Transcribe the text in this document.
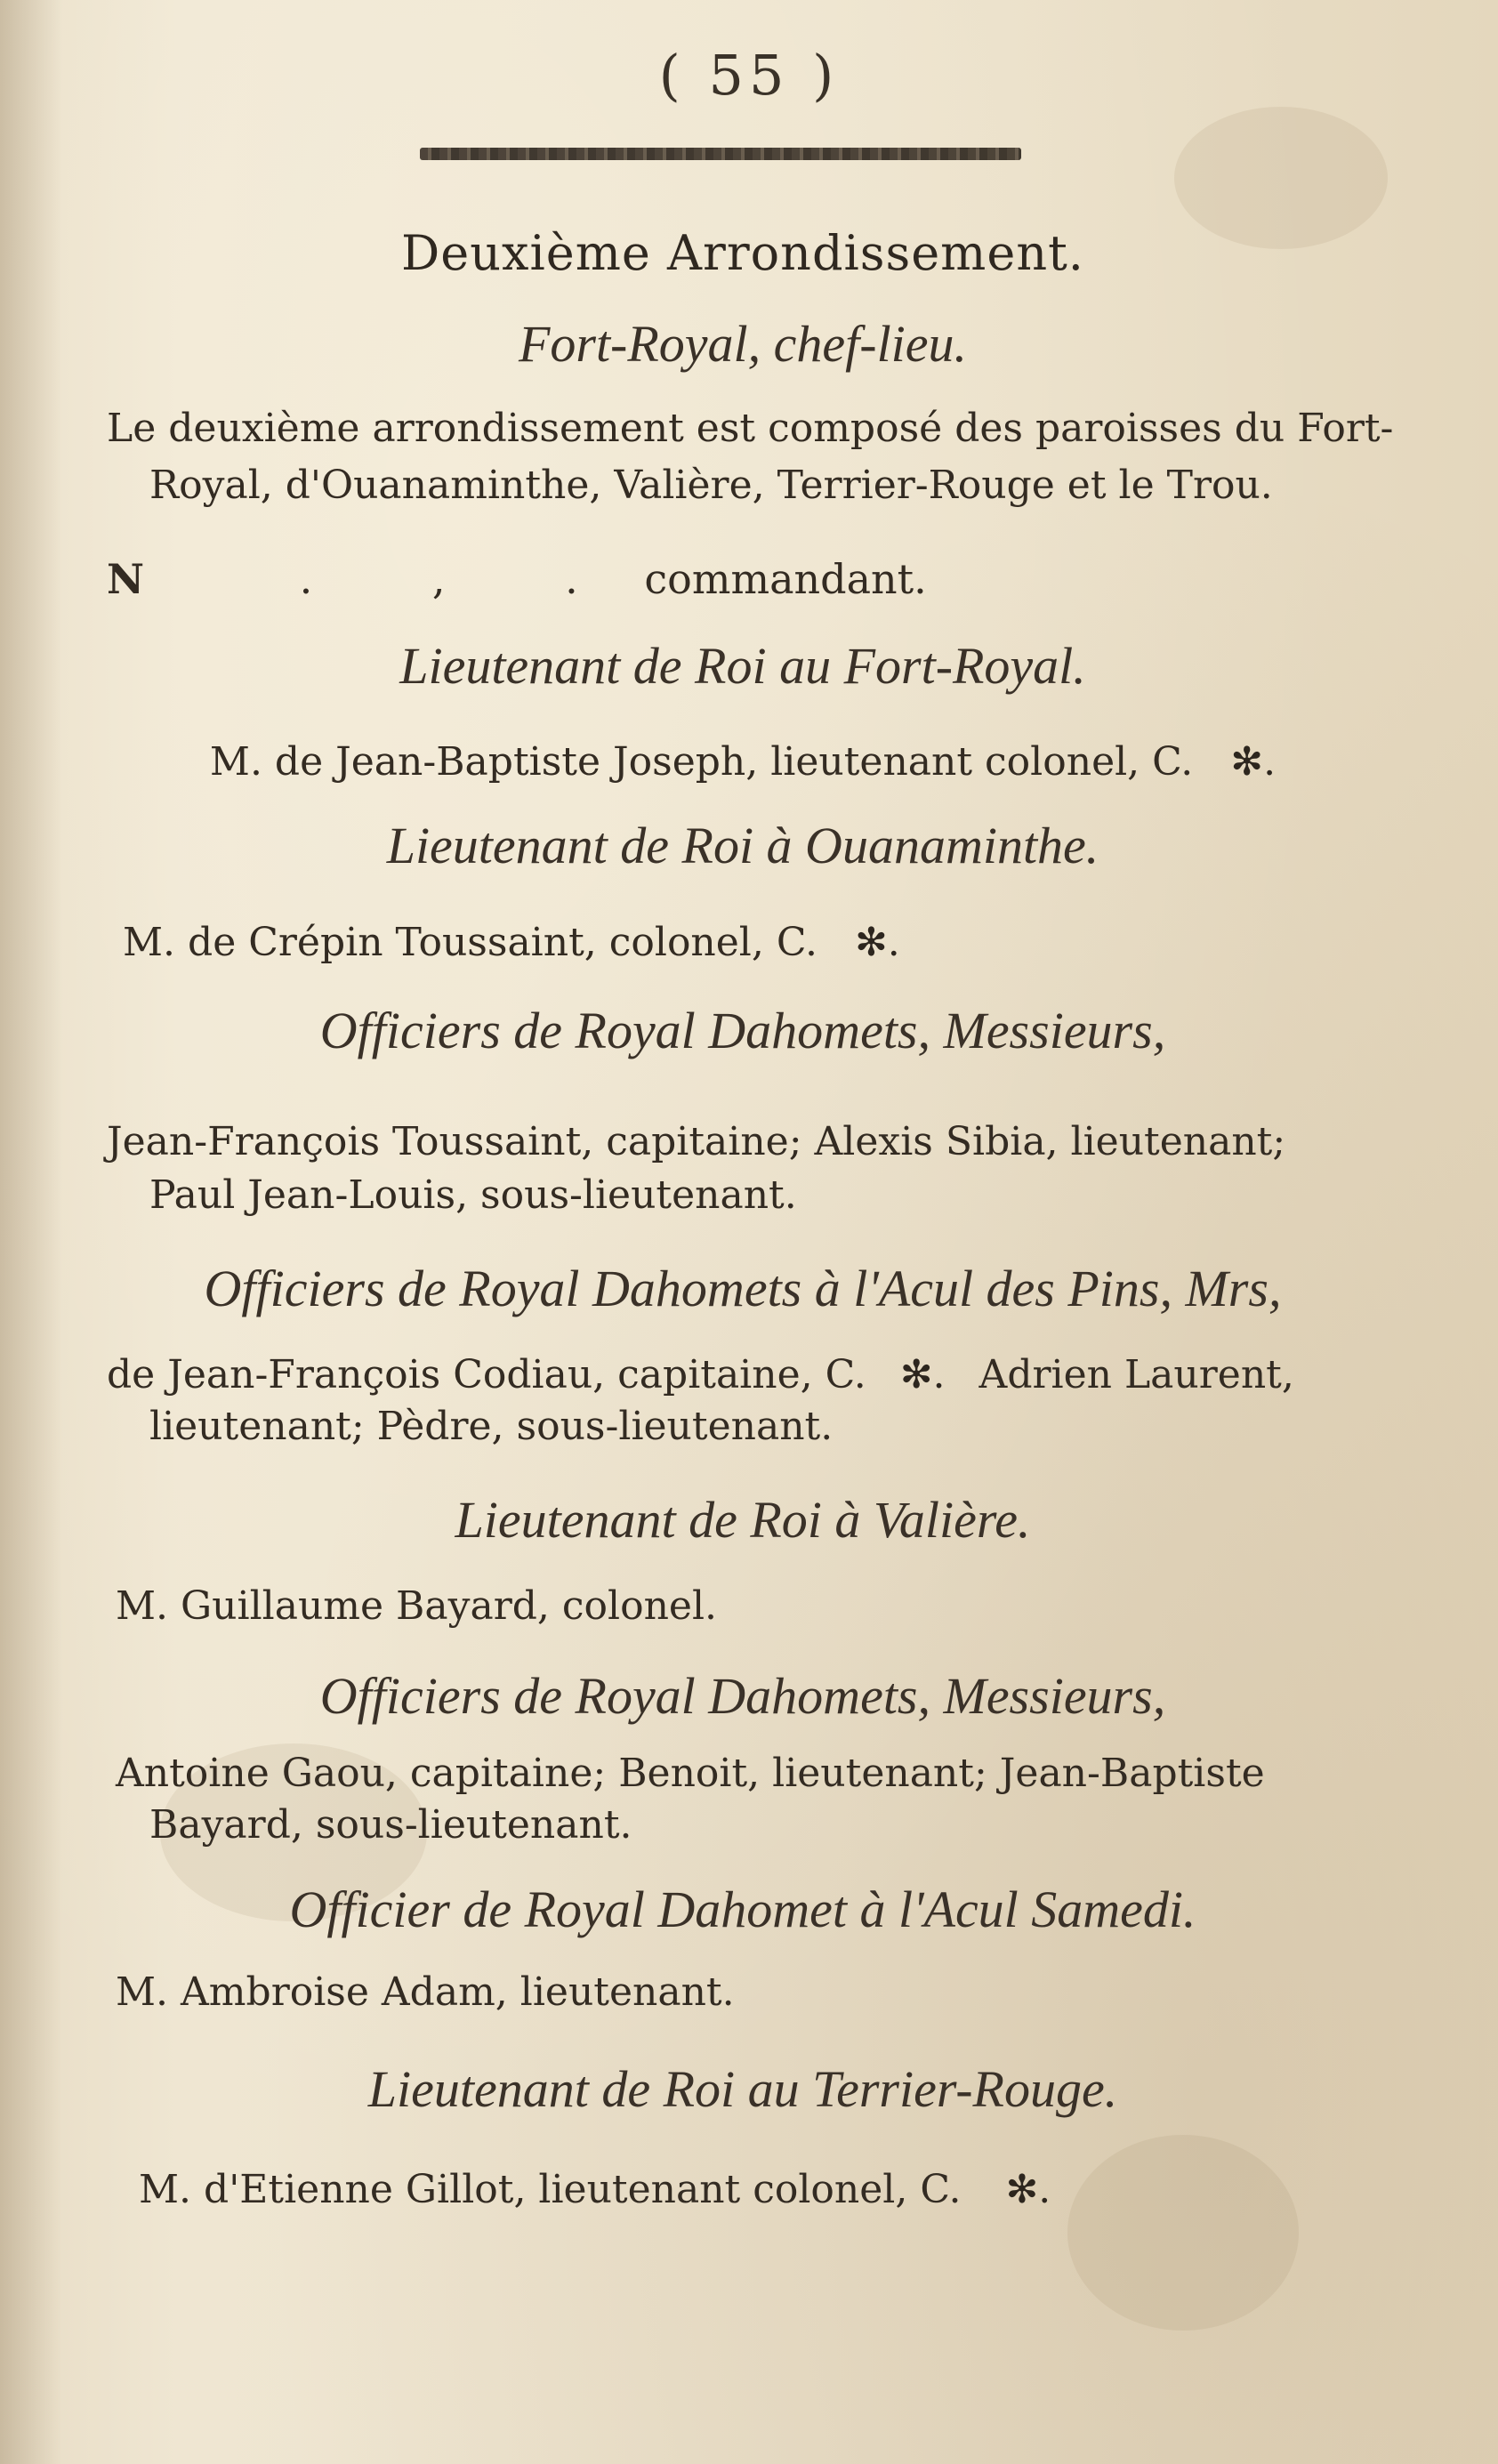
( 55 )
Deuxième Arrondissement.
Fort-Royal, chef-lieu.
Le deuxième arrondissement est composé des paroisses du Fort-
Royal, d'Ouanaminthe, Valière, Terrier-Rouge et le Trou.
N	. , . commandant.
Lieutenant de Roi au Fort-Royal.
M. de Jean-Baptiste Joseph, lieutenant colonel, C. ✻.
Lieutenant de Roi à Ouanaminthe.
M. de Crépin Toussaint, colonel, C. ✻.
Officiers de Royal Dahomets, Messieurs,
Jean-François Toussaint, capitaine; Alexis Sibia, lieutenant;
Paul Jean-Louis, sous-lieutenant.
Officiers de Royal Dahomets à l'Acul des Pins, Mrs,
de Jean-François Codiau, capitaine, C. ✻. Adrien Laurent,
lieutenant; Pèdre, sous-lieutenant.
Lieutenant de Roi à Valière.
M. Guillaume Bayard, colonel.
Officiers de Royal Dahomets, Messieurs,
Antoine Gaou, capitaine; Benoit, lieutenant; Jean-Baptiste
Bayard, sous-lieutenant.
Officier de Royal Dahomet à l'Acul Samedi.
M. Ambroise Adam, lieutenant.
Lieutenant de Roi au Terrier-Rouge.
M. d'Etienne Gillot, lieutenant colonel, C. ✻.
